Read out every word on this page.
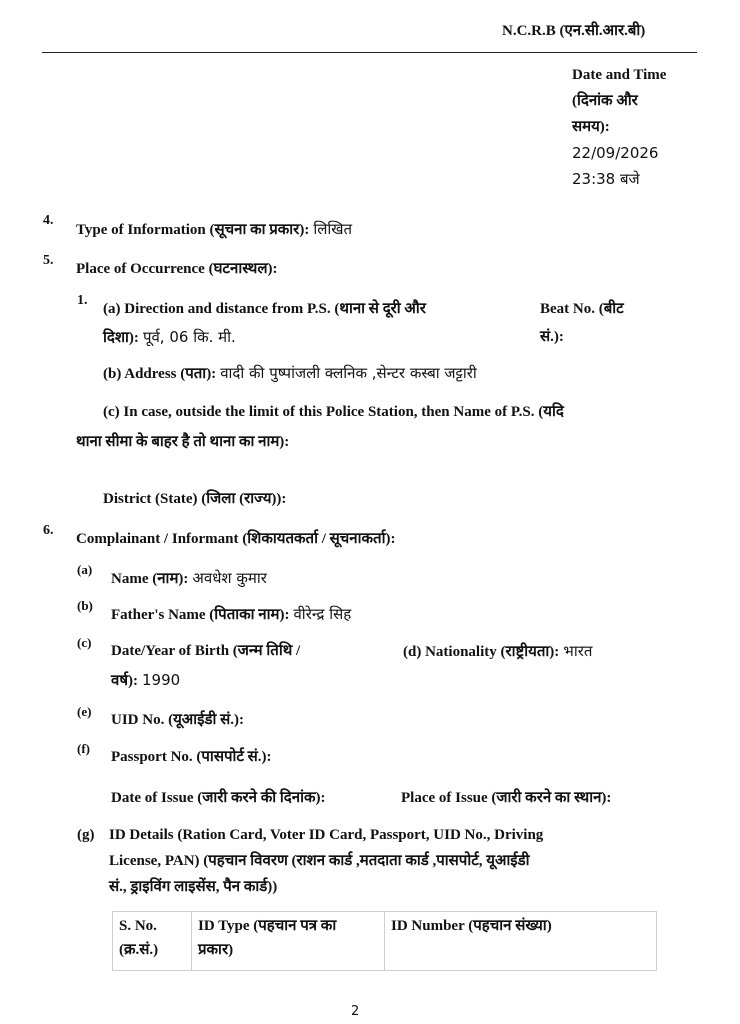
N.C.R.B (एन.सी.आर.बी)
Date and Time
(दिनांक और
समय):
22/09/2026
23:38 बजे
4.
Type of Information (सूचना का प्रकार): लिखित
5.
Place of Occurrence (घटनास्थल):
1.
(a) Direction and distance from P.S. (थाना से दूरी और
दिशा): पूर्व, 06 कि. मी.
Beat No. (बीट
सं.):
(b) Address (पता): वादी की पुष्पांजली क्लनिक ,सेन्टर कस्बा जट्टारी
(c) In case, outside the limit of this Police Station, then Name of P.S. (यदि
थाना सीमा के बाहर है तो थाना का नाम):
District (State) (जिला (राज्य)):
6.
Complainant / Informant (शिकायतकर्ता / सूचनाकर्ता):
(a)
Name (नाम): अवधेश कुमार
(b)
Father's Name (पिताका नाम): वीरेन्द्र सिह
(c)
Date/Year of Birth (जन्म तिथि /
वर्ष): 1990
(d) Nationality (राष्ट्रीयता): भारत
(e)
UID No. (यूआईडी सं.):
(f)
Passport No. (पासपोर्ट सं.):
Date of Issue (जारी करने की दिनांक):	Place of Issue (जारी करने का स्थान):
(g) ID Details (Ration Card, Voter ID Card, Passport, UID No., Driving
License, PAN) (पहचान विवरण (राशन कार्ड ,मतदाता कार्ड ,पासपोर्ट, यूआईडी
सं., ड्राइविंग लाइसेंस, पैन कार्ड))
S. No.
(क्र.सं.)

ID Type (पहचान पत्र का
प्रकार)

ID Number (पहचान संख्या)
2
